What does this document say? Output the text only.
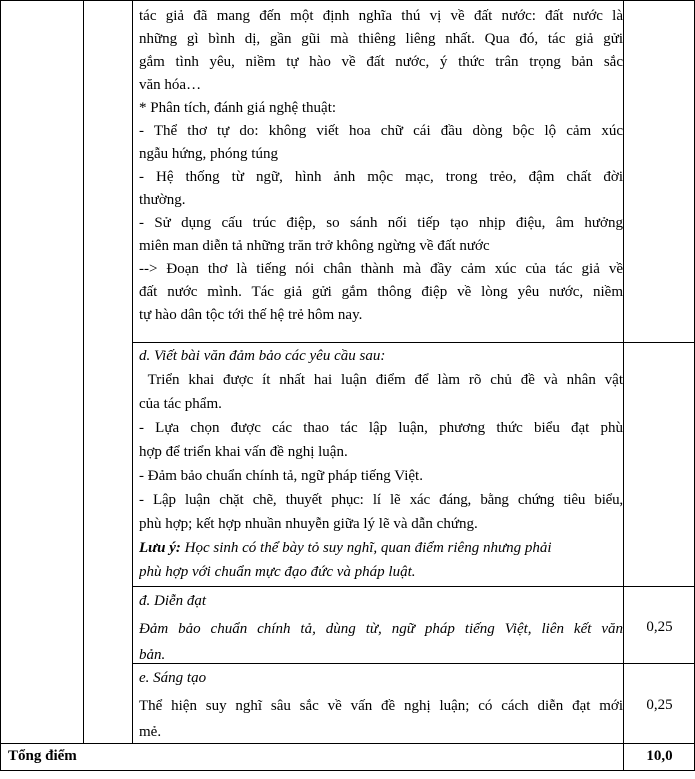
tác giả đã mang đến một định nghĩa thú vị về đất nước: đất nước là
những gì bình dị, gần gũi mà thiêng liêng nhất. Qua đó, tác giả gửi
gắm tình yêu, niềm tự hào về đất nước, ý thức trân trọng bản sắc
văn hóa…
* Phân tích, đánh giá nghệ thuật:
- Thể thơ tự do: không viết hoa chữ cái đầu dòng bộc lộ cảm xúc
ngẫu hứng, phóng túng
- Hệ thống từ ngữ, hình ảnh mộc mạc, trong trẻo, đậm chất đời
thường.
- Sử dụng cấu trúc điệp, so sánh nối tiếp tạo nhịp điệu, âm hưởng
miên man diễn tả những trăn trở không ngừng về đất nước
--> Đoạn thơ là tiếng nói chân thành mà đầy cảm xúc của tác giả về
đất nước mình. Tác giả gửi gắm thông điệp về lòng yêu nước, niềm
tự hào dân tộc tới thế hệ trẻ hôm nay.
d. Viết bài văn đảm bảo các yêu cầu sau:
Triển khai được ít nhất hai luận điểm để làm rõ chủ đề và nhân vật
của tác phẩm.
- Lựa chọn được các thao tác lập luận, phương thức biểu đạt phù
hợp để triển khai vấn đề nghị luận.
- Đảm bảo chuẩn chính tả, ngữ pháp tiếng Việt.
- Lập luận chặt chẽ, thuyết phục: lí lẽ xác đáng, bằng chứng tiêu biểu,
phù hợp; kết hợp nhuần nhuyễn giữa lý lẽ và dẫn chứng.
Lưu ý: Học sinh có thể bày tỏ suy nghĩ, quan điểm riêng nhưng phải
phù hợp với chuẩn mực đạo đức và pháp luật.
đ. Diễn đạt
Đảm bảo chuẩn chính tả, dùng từ, ngữ pháp tiếng Việt, liên kết văn
bản.
0,25
e. Sáng tạo
Thể hiện suy nghĩ sâu sắc về vấn đề nghị luận; có cách diễn đạt mới
mẻ.
0,25
Tổng điểm	10,0
